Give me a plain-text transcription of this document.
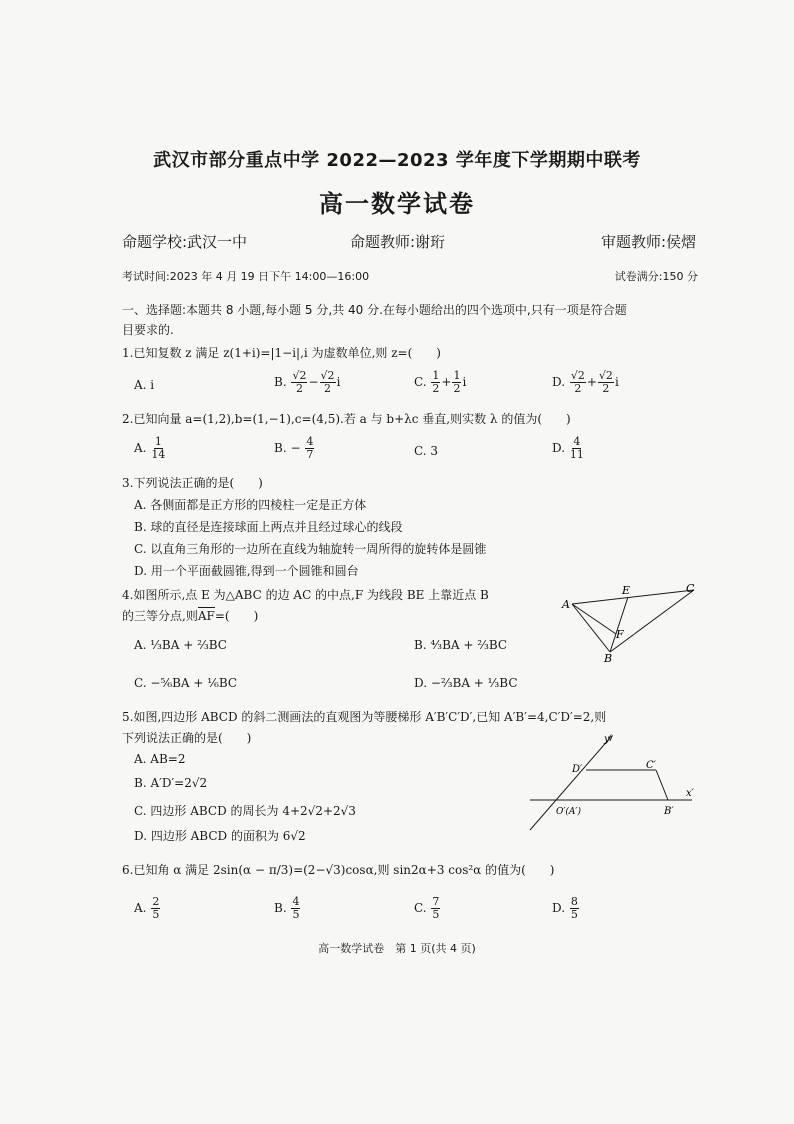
武汉市部分重点中学 2022—2023 学年度下学期期中联考
高一数学试卷
命题学校:武汉一中	命题教师:谢珩	审题教师:侯熠
考试时间:2023 年 4 月 19 日下午 14:00—16:00	试卷满分:150 分
一、选择题:本题共 8 小题,每小题 5 分,共 40 分.在每小题给出的四个选项中,只有一项是符合题
目要求的.
1.已知复数 z 满足 z(1+i)=|1−i|,i 为虚数单位,则 z=(　　)
A. i	B. $\frac{√2}{2} - \frac{√2}{2}$ i	C. $\frac{1}{2} + \frac{1}{2}$ i	D. $\frac{√2}{2} + \frac{√2}{2}$ i
2.已知向量 a=(1,2),b=(1,−1),c=(4,5).若 a 与 b+λc 垂直,则实数 λ 的值为(　　)
A. $\frac{1}{14}$	B. − $\frac{4}{7}$	C. 3	D. $\frac{4}{11}$
3.下列说法正确的是(　　)
A. 各侧面都是正方形的四棱柱一定是正方体
B. 球的直径是连接球面上两点并且经过球心的线段
C. 以直角三角形的一边所在直线为轴旋转一周所得的旋转体是圆锥
D. 用一个平面截圆锥,得到一个圆锥和圆台
4.如图所示,点 E 为△ABC 的边 AC 的中点,F 为线段 BE 上靠近点 B
的三等分点,则AF=(　　)
A. ⅓BA + ⅔BC	B. ⁴⁄₃BA + ⅔BC
C. −⅚BA + ⅙BC	D. −⅔BA + ⅓BC
A
E	C
F
B
5.如图,四边形 ABCD 的斜二测画法的直观图为等腰梯形 A′B′C′D′,已知 A′B′=4,C′D′=2,则
下列说法正确的是(　　)
A. AB=2
B. A′D′=2√2
C. 四边形 ABCD 的周长为 4+2√2+2√3
D. 四边形 ABCD 的面积为 6√2
y′
x′
D′	C′
O′(A′)	B′
6.已知角 α 满足 2sin(α − π/3)=(2−√3)cosα,则 sin2α+3 cos²α 的值为(　　)
A. $\frac{2}{5}$	B. $\frac{4}{5}$	C. $\frac{7}{5}$	D. $\frac{8}{5}$
高一数学试卷　第 1 页(共 4 页)
